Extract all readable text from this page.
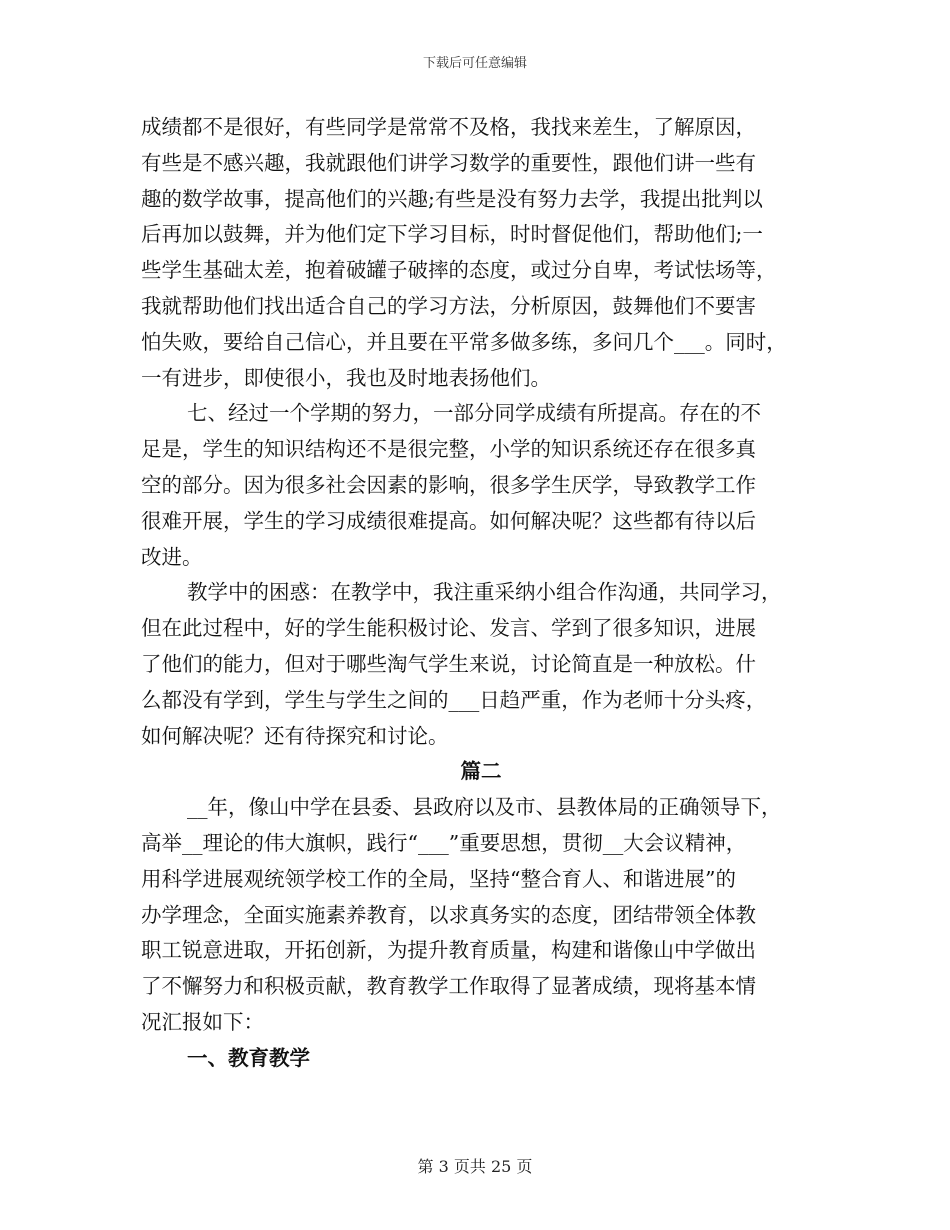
下载后可任意编辑
成绩都不是很好，有些同学是常常不及格，我找来差生，了解原因，
有些是不感兴趣，我就跟他们讲学习数学的重要性，跟他们讲一些有
趣的数学故事，提高他们的兴趣;有些是没有努力去学，我提出批判以
后再加以鼓舞，并为他们定下学习目标，时时督促他们，帮助他们;一
些学生基础太差，抱着破罐子破摔的态度，或过分自卑，考试怯场等，
我就帮助他们找出适合自己的学习方法，分析原因，鼓舞他们不要害
怕失败，要给自己信心，并且要在平常多做多练，多问几个___。同时，
一有进步，即使很小，我也及时地表扬他们。
七、经过一个学期的努力，一部分同学成绩有所提高。存在的不
足是，学生的知识结构还不是很完整，小学的知识系统还存在很多真
空的部分。因为很多社会因素的影响，很多学生厌学，导致教学工作
很难开展，学生的学习成绩很难提高。如何解决呢？这些都有待以后
改进。
教学中的困惑：在教学中，我注重采纳小组合作沟通，共同学习，
但在此过程中，好的学生能积极讨论、发言、学到了很多知识，进展
了他们的能力，但对于哪些淘气学生来说，讨论简直是一种放松。什
么都没有学到，学生与学生之间的___日趋严重，作为老师十分头疼，
如何解决呢？还有待探究和讨论。
篇二
__年，像山中学在县委、县政府以及市、县教体局的正确领导下，
高举__理论的伟大旗帜，践行“___”重要思想，贯彻__大会议精神，
用科学进展观统领学校工作的全局，坚持“整合育人、和谐进展”的
办学理念，全面实施素养教育，以求真务实的态度，团结带领全体教
职工锐意进取，开拓创新，为提升教育质量，构建和谐像山中学做出
了不懈努力和积极贡献，教育教学工作取得了显著成绩，现将基本情
况汇报如下：
一、教育教学
第 3 页共 25 页
